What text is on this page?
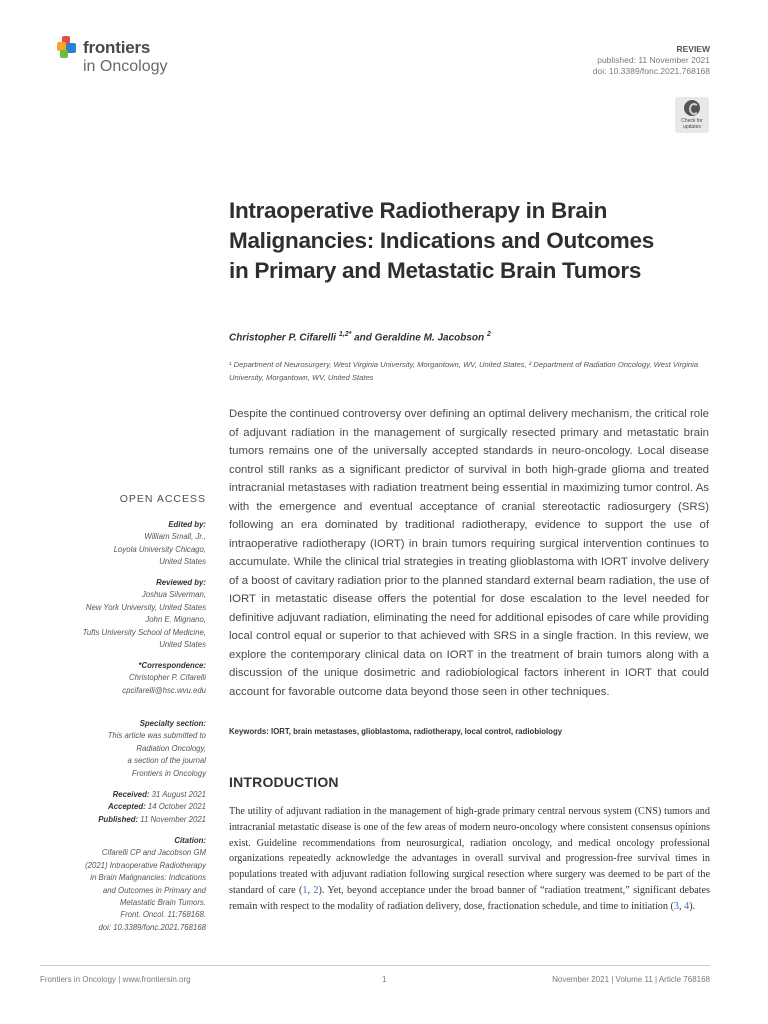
frontiers
in Oncology
REVIEW
published: 11 November 2021
doi: 10.3389/fonc.2021.768168
Check for updates
Intraoperative Radiotherapy in Brain Malignancies: Indications and Outcomes in Primary and Metastatic Brain Tumors
Christopher P. Cifarelli $^{1,2*}$ and Geraldine M. Jacobson $^2$
¹ Department of Neurosurgery, West Virginia University, Morgantown, WV, United States, ² Department of Radiation Oncology, West Virginia University, Morgantown, WV, United States
Despite the continued controversy over defining an optimal delivery mechanism, the critical role of adjuvant radiation in the management of surgically resected primary and metastatic brain tumors remains one of the universally accepted standards in neuro-oncology. Local disease control still ranks as a significant predictor of survival in both high-grade glioma and treated intracranial metastases with radiation treatment being essential in maximizing tumor control. As with the emergence and eventual acceptance of cranial stereotactic radiosurgery (SRS) following an era dominated by traditional radiotherapy, evidence to support the use of intraoperative radiotherapy (IORT) in brain tumors requiring surgical intervention continues to accumulate. While the clinical trial strategies in treating glioblastoma with IORT involve delivery of a boost of cavitary radiation prior to the planned standard external beam radiation, the use of IORT in metastatic disease offers the potential for dose escalation to the level needed for definitive adjuvant radiation, eliminating the need for additional episodes of care while providing local control equal or superior to that achieved with SRS in a single fraction. In this review, we explore the contemporary clinical data on IORT in the treatment of brain tumors along with a discussion of the unique dosimetric and radiobiological factors inherent in IORT that could account for favorable outcome data beyond those seen in other techniques.
Keywords: IORT, brain metastases, glioblastoma, radiotherapy, local control, radiobiology
OPEN ACCESS
Edited by:
William Small, Jr.,
Loyola University Chicago,
United States
Reviewed by:
Joshua Silverman,
New York University, United States
John E. Mignano,
Tufts University School of Medicine,
United States
*Correspondence:
Christopher P. Cifarelli
cpcifarelli@hsc.wvu.edu
Specialty section:
This article was submitted to
Radiation Oncology,
a section of the journal
Frontiers in Oncology
Received: 31 August 2021
Accepted: 14 October 2021
Published: 11 November 2021
Citation:
Cifarelli CP and Jacobson GM
(2021) Intraoperative Radiotherapy
in Brain Malignancies: Indications
and Outcomes in Primary and
Metastatic Brain Tumors.
Front. Oncol. 11:768168.
doi: 10.3389/fonc.2021.768168
INTRODUCTION
The utility of adjuvant radiation in the management of high-grade primary central nervous system (CNS) tumors and intracranial metastatic disease is one of the few areas of modern neuro-oncology where consistent consensus opinions exist. Guideline recommendations from neurosurgical, radiation oncology, and medical oncology professional organizations repeatedly acknowledge the advantages in overall survival and progression-free survival times in populations treated with adjuvant radiation following surgical resection where surgery was deemed to be part of the standard of care (1, 2). Yet, beyond acceptance under the broad banner of “radiation treatment,” significant debates remain with respect to the modality of radiation delivery, dose, fractionation schedule, and time to initiation (3, 4).
Frontiers in Oncology | www.frontiersin.org	1	November 2021 | Volume 11 | Article 768168
